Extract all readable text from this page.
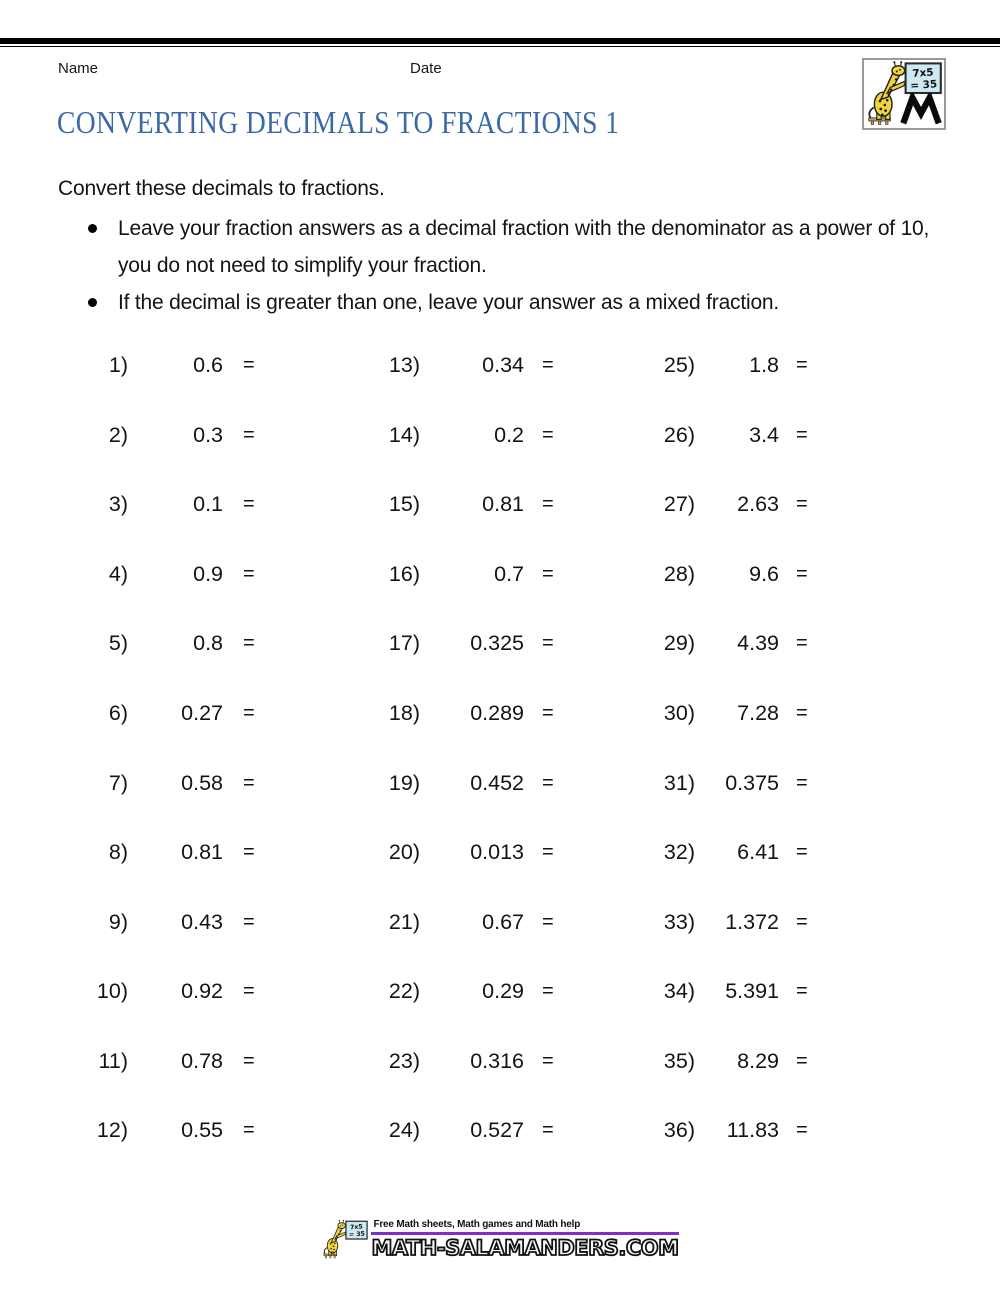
Name	Date
CONVERTING DECIMALS TO FRACTIONS 1
Convert these decimals to fractions.
Leave your fraction answers as a decimal fraction with the denominator as a power of 10, you do not need to simplify your fraction.
If the decimal is greater than one, leave your answer as a mixed fraction.
1)	0.6 =
2)	0.3 =
3)	0.1 =
4)	0.9 =
5)	0.8 =
6)	0.27 =
7)	0.58 =
8)	0.81 =
9)	0.43 =
10)	0.92 =
11)	0.78 =
12)	0.55 =
13)	0.34 =
14)	0.2 =
15)	0.81 =
16)	0.7 =
17)	0.325 =
18)	0.289 =
19)	0.452 =
20)	0.013 =
21)	0.67 =
22)	0.29 =
23)	0.316 =
24)	0.527 =
25)	1.8 =
26)	3.4 =
27)	2.63 =
28)	9.6 =
29)	4.39 =
30)	7.28 =
31)	0.375 =
32)	6.41 =
33)	1.372 =
34)	5.391 =
35)	8.29 =
36)	11.83 =
Free Math sheets, Math games and Math help
MATH-SALAMANDERS.COM
